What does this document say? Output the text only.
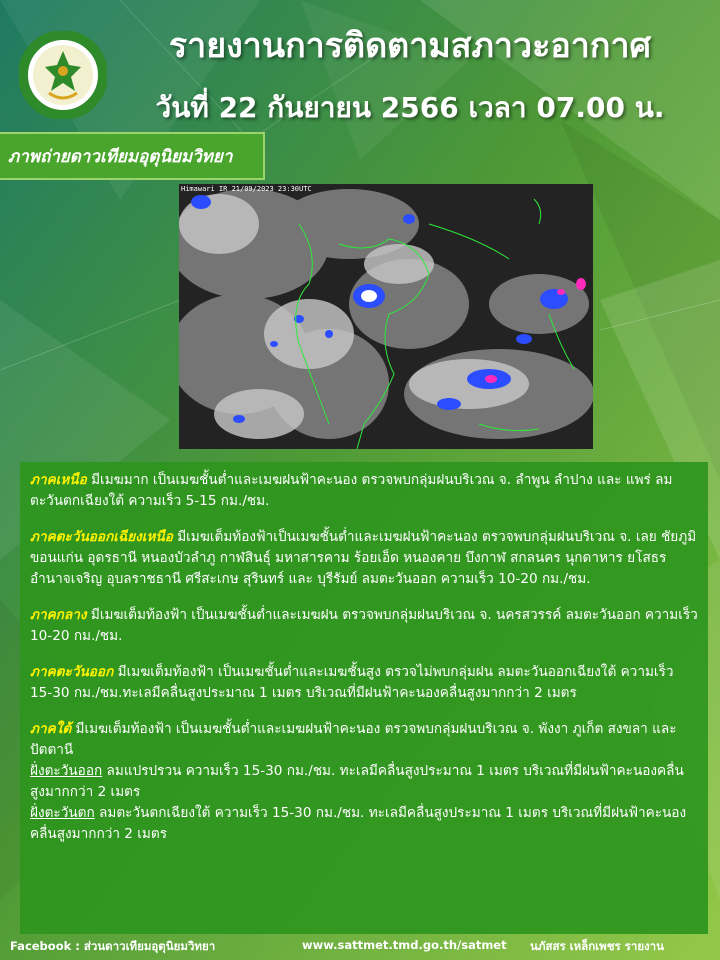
รายงานการติดตามสภาวะอากาศ
วันที่ 22 กันยายน 2566 เวลา 07.00 น.
ภาพถ่ายดาวเทียมอุตุนิยมวิทยา
Himawari IR 21/09/2023 23:30UTC

ภาคเหนือ มีเมฆมาก เป็นเมฆชั้นต่ำและเมฆฝนฟ้าคะนอง ตรวจพบกลุ่มฝนบริเวณ จ. ลำพูน ลำปาง และ แพร่ ลมตะวันตกเฉียงใต้ ความเร็ว 5-15 กม./ชม.

ภาคตะวันออกเฉียงเหนือ มีเมฆเต็มท้องฟ้าเป็นเมฆชั้นต่ำและเมฆฝนฟ้าคะนอง ตรวจพบกลุ่มฝนบริเวณ จ. เลย ชัยภูมิ ขอนแก่น อุดรธานี หนองบัวลำภู กาฬสินธุ์ มหาสารคาม ร้อยเอ็ด หนองคาย บึงกาฬ สกลนคร นุกดาหาร ยโสธร อำนาจเจริญ อุบลราชธานี ศรีสะเกษ สุรินทร์ และ บุรีรัมย์ ลมตะวันออก ความเร็ว 10-20 กม./ชม.

ภาคกลาง มีเมฆเต็มท้องฟ้า เป็นเมฆชั้นต่ำและเมฆฝน ตรวจพบกลุ่มฝนบริเวณ จ. นครสวรรค์ ลมตะวันออก ความเร็ว 10-20 กม./ชม.

ภาคตะวันออก มีเมฆเต็มท้องฟ้า เป็นเมฆชั้นต่ำและเมฆชั้นสูง ตรวจไม่พบกลุ่มฝน ลมตะวันออกเฉียงใต้ ความเร็ว 15-30 กม./ชม.ทะเลมีคลื่นสูงประมาณ 1 เมตร บริเวณที่มีฝนฟ้าคะนองคลื่นสูงมากกว่า 2 เมตร

ภาคใต้ มีเมฆเต็มท้องฟ้า เป็นเมฆชั้นต่ำและเมฆฝนฟ้าคะนอง ตรวจพบกลุ่มฝนบริเวณ จ. พังงา ภูเก็ต สงขลา และ ปัตตานี
ฝั่งตะวันออก ลมแปรปรวน ความเร็ว 15-30 กม./ชม. ทะเลมีคลื่นสูงประมาณ 1 เมตร บริเวณที่มีฝนฟ้าคะนองคลื่นสูงมากกว่า 2 เมตร
ฝั่งตะวันตก ลมตะวันตกเฉียงใต้ ความเร็ว 15-30 กม./ชม. ทะเลมีคลื่นสูงประมาณ 1 เมตร บริเวณที่มีฝนฟ้าคะนองคลื่นสูงมากกว่า 2 เมตร

Facebook : ส่วนดาวเทียมอุตุนิยมวิทยา	www.sattmet.tmd.go.th/satmet นภัสสร เหล็กเพชร รายงาน
